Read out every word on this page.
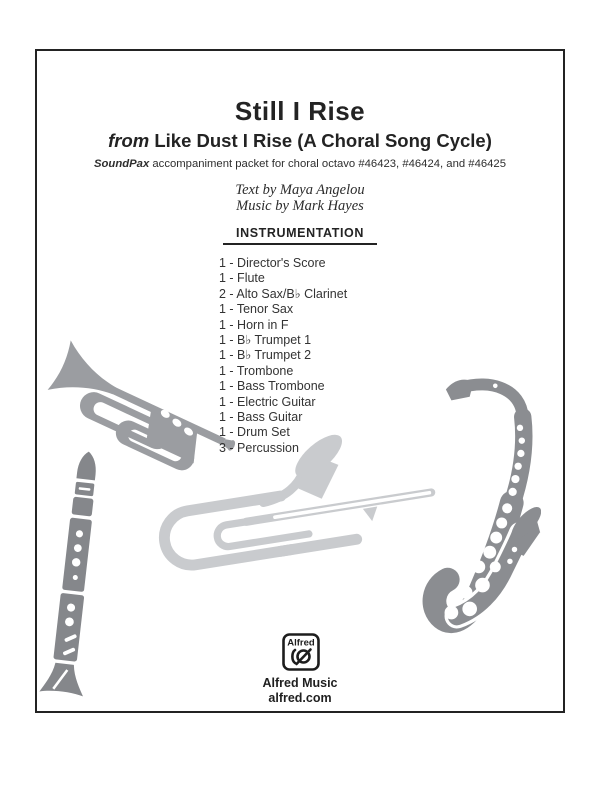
Still I Rise
from Like Dust I Rise (A Choral Song Cycle)
SoundPax accompaniment packet for choral octavo #46423, #46424, and #46425
Text by Maya Angelou
Music by Mark Hayes
INSTRUMENTATION
1 - Director's Score
1 - Flute
2 - Alto Sax/B♭ Clarinet
1 - Tenor Sax
1 - Horn in F
1 - B♭ Trumpet 1
1 - B♭ Trumpet 2
1 - Trombone
1 - Bass Trombone
1 - Electric Guitar
1 - Bass Guitar
1 - Drum Set
3 - Percussion
Alfred
Alfred Music
alfred.com
